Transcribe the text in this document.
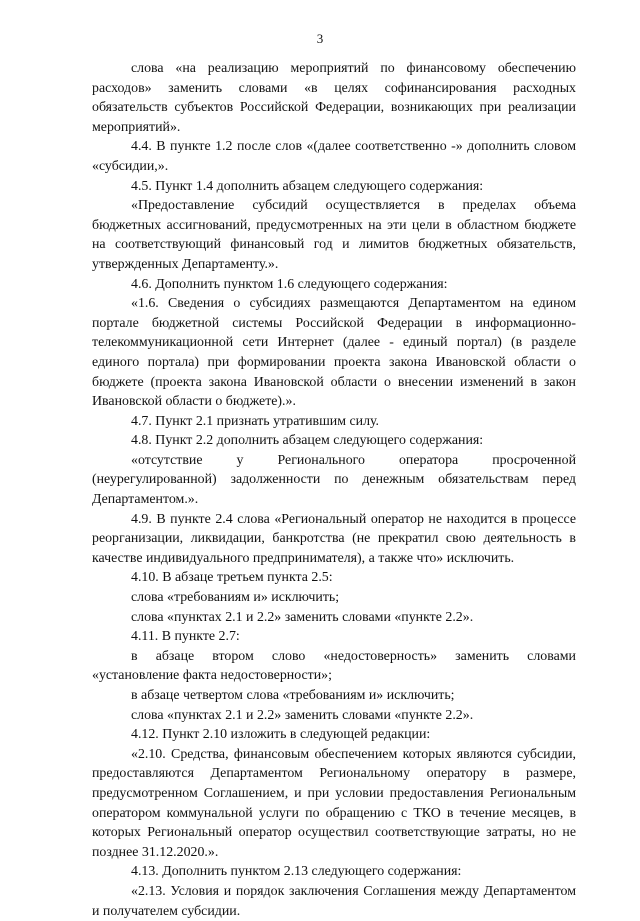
3

слова «на реализацию мероприятий по финансовому обеспечению расходов» заменить словами «в целях софинансирования расходных обязательств субъектов Российской Федерации, возникающих при реализации мероприятий».

4.4. В пункте 1.2 после слов «(далее соответственно -» дополнить словом «субсидии,».

4.5. Пункт 1.4 дополнить абзацем следующего содержания:

«Предоставление субсидий осуществляется в пределах объема бюджетных ассигнований, предусмотренных на эти цели в областном бюджете на соответствующий финансовый год и лимитов бюджетных обязательств, утвержденных Департаменту.».

4.6. Дополнить пунктом 1.6 следующего содержания:

«1.6. Сведения о субсидиях размещаются Департаментом на едином портале бюджетной системы Российской Федерации в информационно-телекоммуникационной сети Интернет (далее - единый портал) (в разделе единого портала) при формировании проекта закона Ивановской области о бюджете (проекта закона Ивановской области о внесении изменений в закон Ивановской области о бюджете).».

4.7. Пункт 2.1 признать утратившим силу.

4.8. Пункт 2.2 дополнить абзацем следующего содержания:

«отсутствие у Регионального оператора просроченной (неурегулированной) задолженности по денежным обязательствам перед Департаментом.».

4.9. В пункте 2.4 слова «Региональный оператор не находится в процессе реорганизации, ликвидации, банкротства (не прекратил свою деятельность в качестве индивидуального предпринимателя), а также что» исключить.

4.10. В абзаце третьем пункта 2.5:

слова «требованиям и» исключить;

слова «пунктах 2.1 и 2.2» заменить словами «пункте 2.2».

4.11. В пункте 2.7:

в абзаце втором слово «недостоверность» заменить словами «установление факта недостоверности»;

в абзаце четвертом слова «требованиям и» исключить;

слова «пунктах 2.1 и 2.2» заменить словами «пункте 2.2».

4.12. Пункт 2.10 изложить в следующей редакции:

«2.10. Средства, финансовым обеспечением которых являются субсидии, предоставляются Департаментом Региональному оператору в размере, предусмотренном Соглашением, и при условии предоставления Региональным оператором коммунальной услуги по обращению с ТКО в течение месяцев, в которых Региональный оператор осуществил соответствующие затраты, но не позднее 31.12.2020.».

4.13. Дополнить пунктом 2.13 следующего содержания:

«2.13. Условия и порядок заключения Соглашения между Департаментом и получателем субсидии.
